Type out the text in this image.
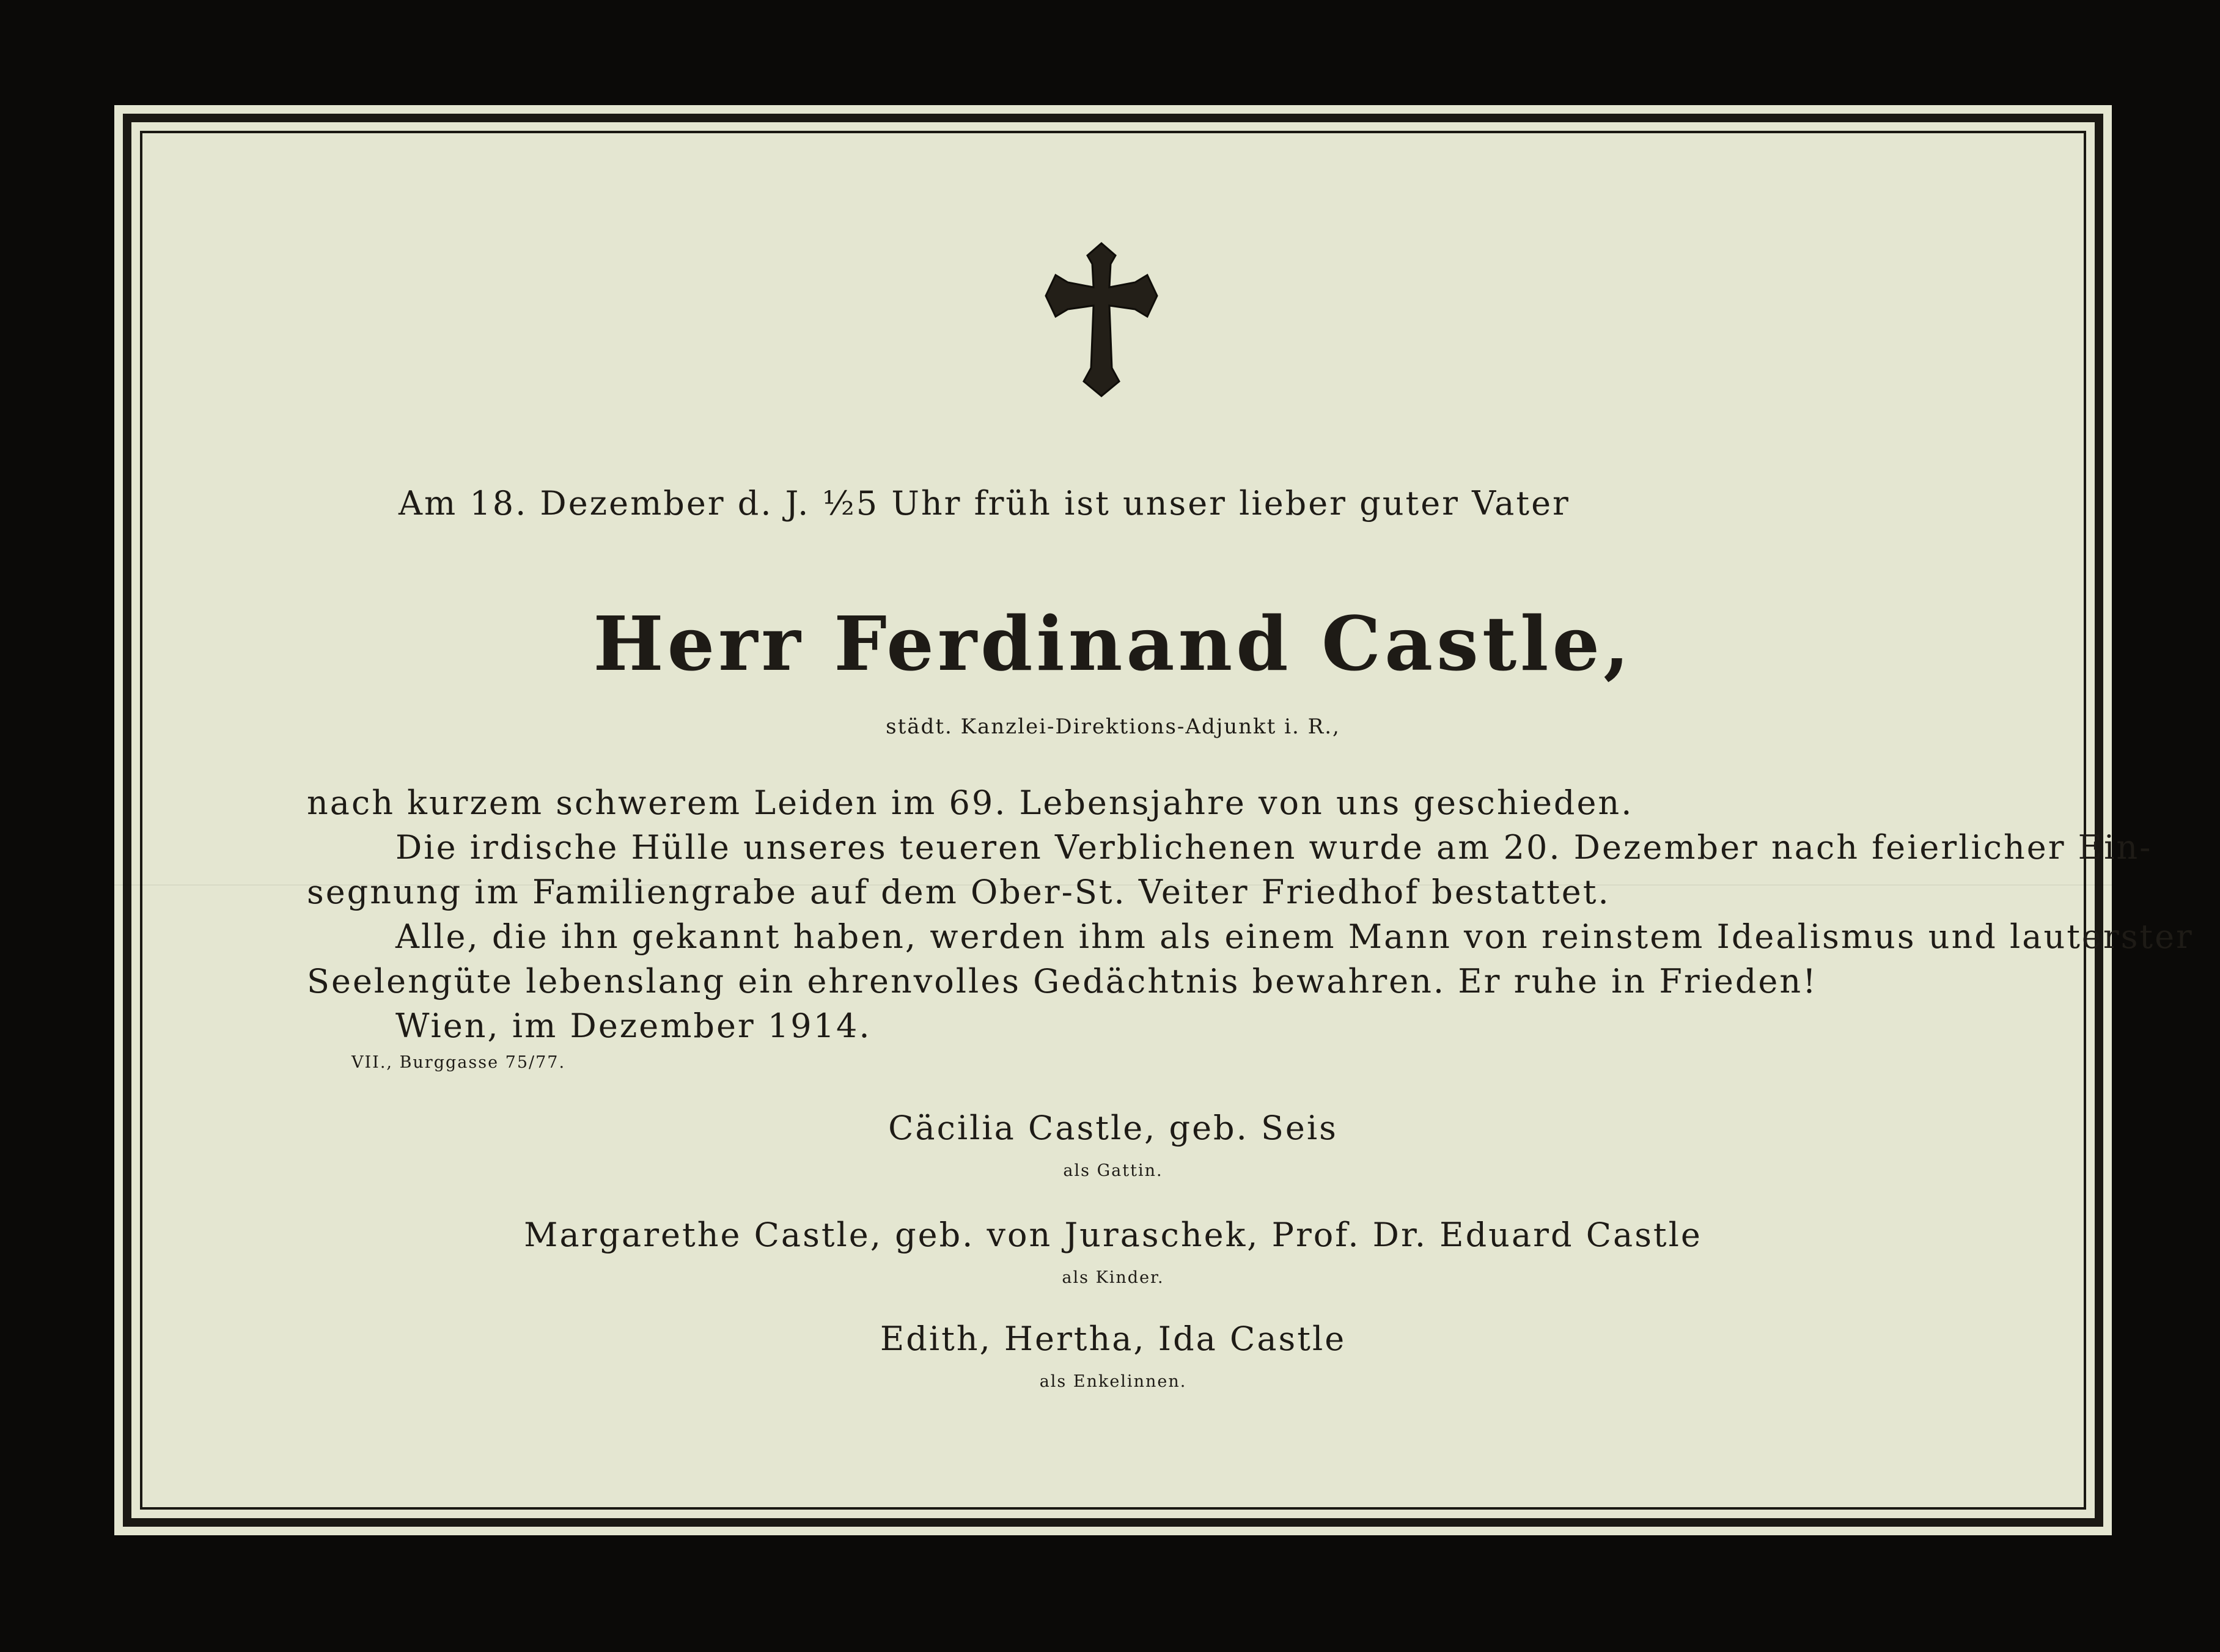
Am 18. Dezember d. J. ½5 Uhr früh ist unser lieber guter Vater
Herr Ferdinand Castle,
städt. Kanzlei-Direktions-Adjunkt i. R.,
nach kurzem schwerem Leiden im 69. Lebensjahre von uns geschieden.
Die irdische Hülle unseres teueren Verblichenen wurde am 20. Dezember nach feierlicher Ein-
segnung im Familiengrabe auf dem Ober-St. Veiter Friedhof bestattet.
Alle, die ihn gekannt haben, werden ihm als einem Mann von reinstem Idealismus und lauterster
Seelengüte lebenslang ein ehrenvolles Gedächtnis bewahren. Er ruhe in Frieden!
Wien, im Dezember 1914.
VII., Burggasse 75/77.
Cäcilia Castle, geb. Seis
als Gattin.
Margarethe Castle, geb. von Juraschek, Prof. Dr. Eduard Castle
als Kinder.
Edith, Hertha, Ida Castle
als Enkelinnen.
